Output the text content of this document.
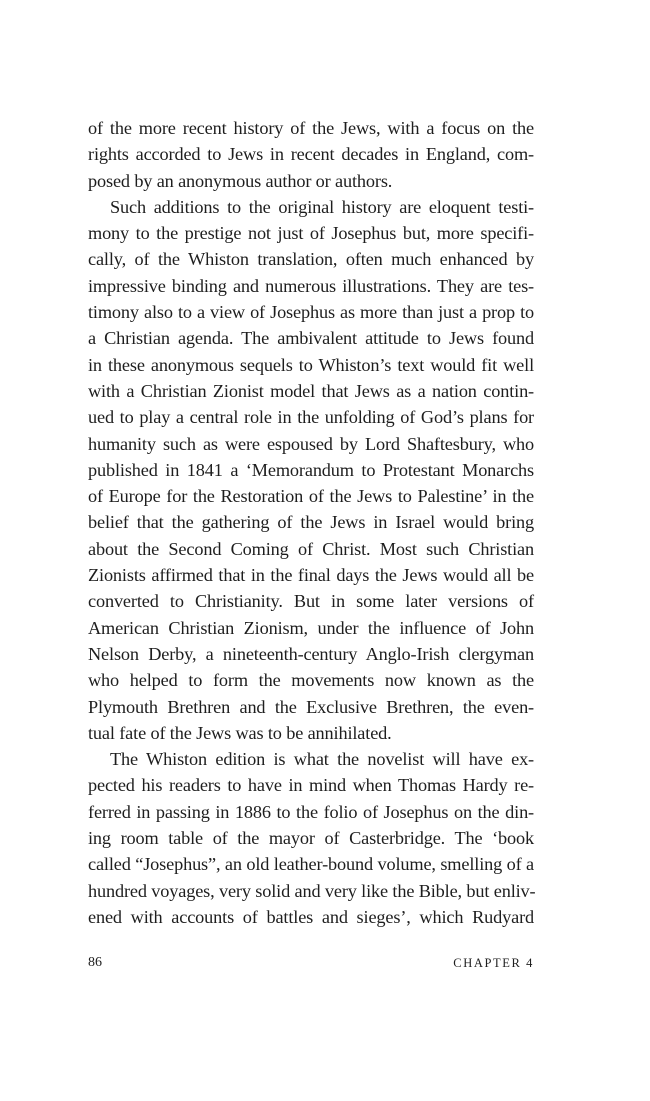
of the more recent history of the Jews, with a focus on the
rights accorded to Jews in recent decades in England, com-
posed by an anonymous author or authors.
Such additions to the original history are eloquent testi-
mony to the prestige not just of Josephus but, more specifi-
cally, of the Whiston translation, often much enhanced by
impressive binding and numerous illustrations. They are tes-
timony also to a view of Josephus as more than just a prop to
a Christian agenda. The ambivalent attitude to Jews found
in these anonymous sequels to Whiston’s text would fit well
with a Christian Zionist model that Jews as a nation contin-
ued to play a central role in the unfolding of God’s plans for
humanity such as were espoused by Lord Shaftesbury, who
published in 1841 a ‘Memorandum to Protestant Monarchs
of Europe for the Restoration of the Jews to Palestine’ in the
belief that the gathering of the Jews in Israel would bring
about the Second Coming of Christ. Most such Christian
Zionists affirmed that in the final days the Jews would all be
converted to Christianity. But in some later versions of
American Christian Zionism, under the influence of John
Nelson Derby, a nineteenth-century Anglo-Irish clergyman
who helped to form the movements now known as the
Plymouth Brethren and the Exclusive Brethren, the even-
tual fate of the Jews was to be annihilated.
The Whiston edition is what the novelist will have ex-
pected his readers to have in mind when Thomas Hardy re-
ferred in passing in 1886 to the folio of Josephus on the din-
ing room table of the mayor of Casterbridge. The ‘book
called “Josephus”, an old leather-bound volume, smelling of a
hundred voyages, very solid and very like the Bible, but enliv-
ened with accounts of battles and sieges’, which Rudyard
86	CHAPTER 4
